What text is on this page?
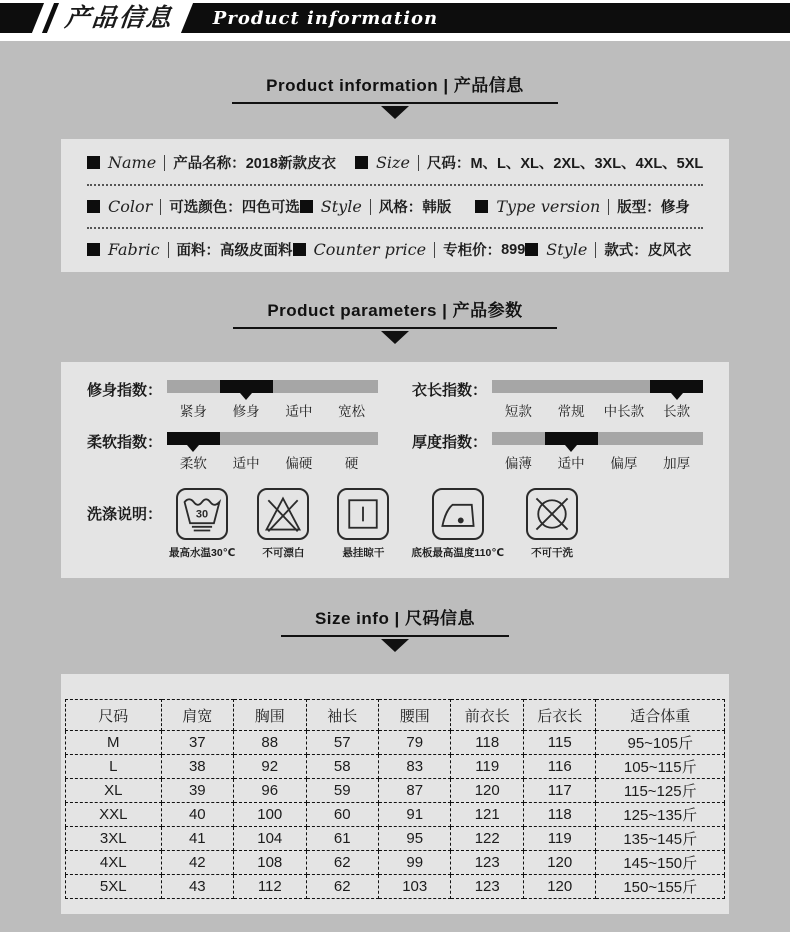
产品信息	Product information
Product information | 产品信息
Name 产品名称： 2018新款皮衣	Size 尺码： M、L、XL、2XL、3XL、4XL、5XL
Color 可选颜色： 四色可选 Style 风格： 韩版	Type version 版型： 修身
Fabric 面料： 高级皮面料 Counter price 专柜价： 899 Style 款式： 皮风衣
Product parameters | 产品参数
修身指数：
紧身	修身	适中	宽松
衣长指数：
短款	常规	中长款	长款
柔软指数：
柔软	适中	偏硬	硬
厚度指数：
偏薄	适中	偏厚	加厚
洗涤说明：	30
最高水温30℃	不可漂白	悬挂晾干	底板最高温度110℃	不可干洗
Size info | 尺码信息
尺码	肩宽	胸围	袖长	腰围	前衣长	后衣长	适合体重
M	37	88	57	79	118	115	95~105斤
L	38	92	58	83	119	116	105~115斤
XL	39	96	59	87	120	117	115~125斤
XXL	40	100	60	91	121	118	125~135斤
3XL	41	104	61	95	122	119	135~145斤
4XL	42	108	62	99	123	120	145~150斤
5XL	43	112	62	103	123	120	150~155斤
